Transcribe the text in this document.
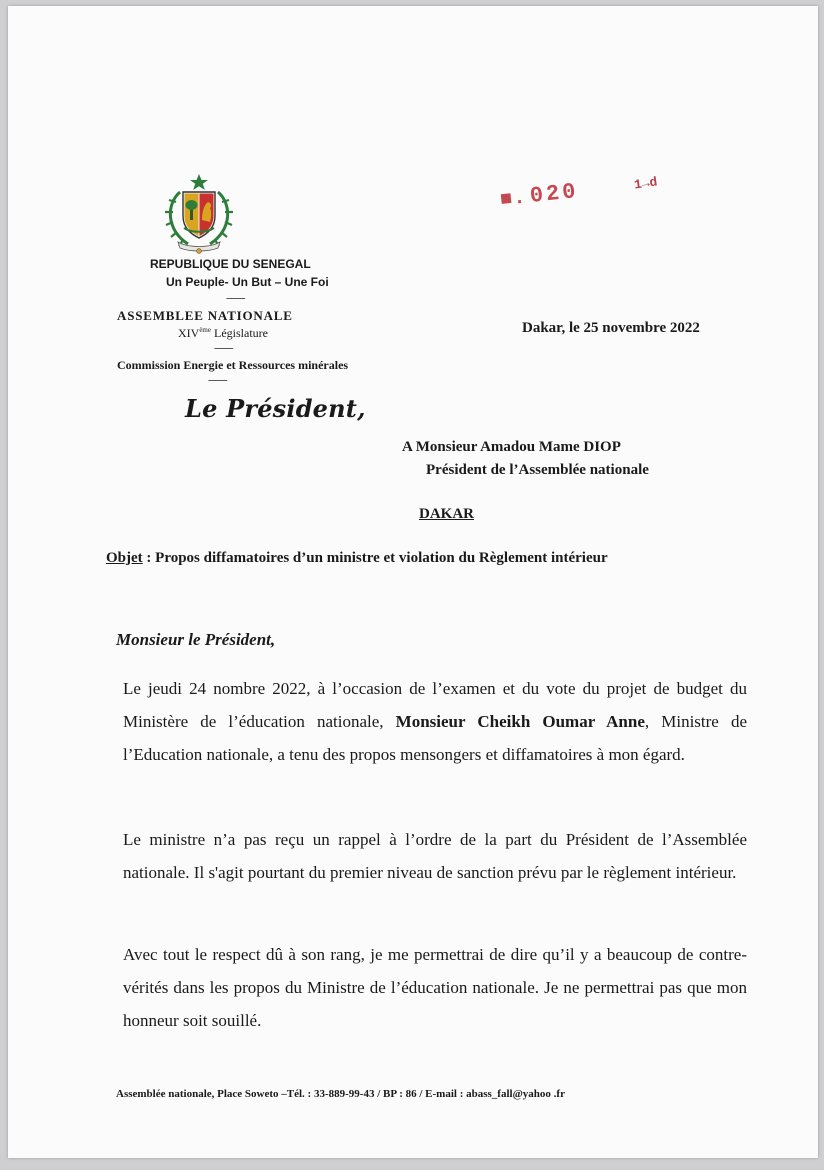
■.020	1→d
REPUBLIQUE DU SENEGAL
Un Peuple- Un But – Une Foi
--------
ASSEMBLEE NATIONALE
XIVème Législature
--------
Commission Energie et Ressources minérales
--------
Le Président,
Dakar, le 25 novembre 2022
A Monsieur Amadou Mame DIOP
Président de l’Assemblée nationale
DAKAR
Objet : Propos diffamatoires d’un ministre et violation du Règlement intérieur
Monsieur le Président,
Le jeudi 24 nombre 2022, à l’occasion de l’examen et du vote du projet de budget du Ministère de l’éducation nationale, Monsieur Cheikh Oumar Anne, Ministre de l’Education nationale, a tenu des propos mensongers et diffamatoires à mon égard.
Le ministre n’a pas reçu un rappel à l’ordre de la part du Président de l’Assemblée nationale. Il s'agit pourtant du premier niveau de sanction prévu par le règlement intérieur.
Avec tout le respect dû à son rang, je me permettrai de dire qu’il y a beaucoup de contre-vérités dans les propos du Ministre de l’éducation nationale. Je ne permettrai pas que mon honneur soit souillé.
Assemblée nationale, Place Soweto –Tél. : 33-889-99-43 / BP : 86 / E-mail : abass_fall@yahoo .fr
